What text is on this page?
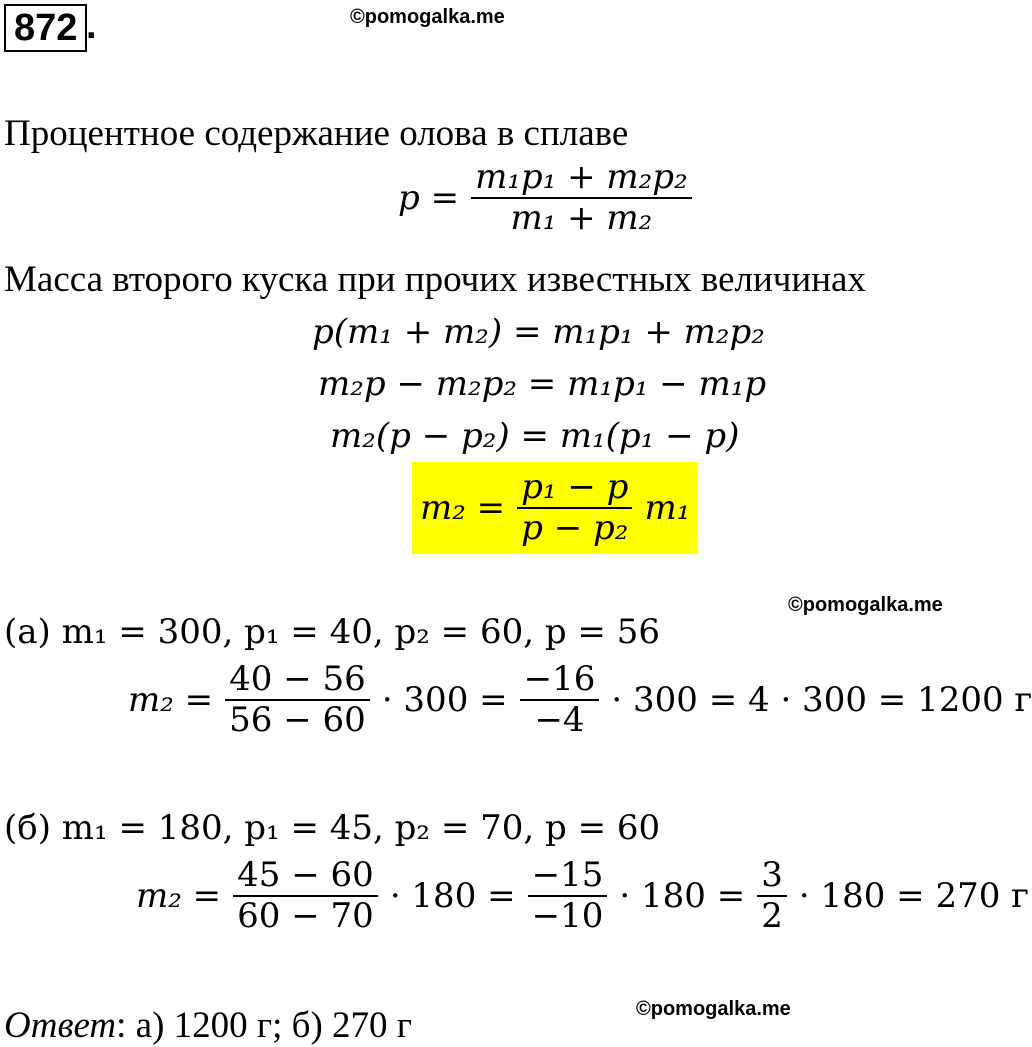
872 .	©pomogalka.me
Процентное содержание олова в сплаве
$p = \frac{\text{m₁p₁ + m₂p₂}}{\text{m₁ + m₂}}$
Масса второго куска при прочих известных величинах
p(m₁ + m₂) = m₁p₁ + m₂p₂
m₂p − m₂p₂ = m₁p₁ − m₁p
m₂(p − p₂) = m₁(p₁ − p)
$m_2 = \frac{\text{p₁ − p}}{\text{p − p₂}} m_1$
©pomogalka.me
(а) m₁ = 300, p₁ = 40, p₂ = 60, p = 56
$m_2 = \frac{40 - 56}{56 - 60} \cdot 300 = \frac{-16}{-4} \cdot 300 = 4 \cdot 300 = 1200$ г
(б) m₁ = 180, p₁ = 45, p₂ = 70, p = 60
$m_2 = \frac{45 - 60}{60 - 70} \cdot 180 = \frac{-15}{-10} \cdot 180 = \frac{3}{2} \cdot 180 = 270$ г
©pomogalka.me
Ответ: а) 1200 г; б) 270 г
